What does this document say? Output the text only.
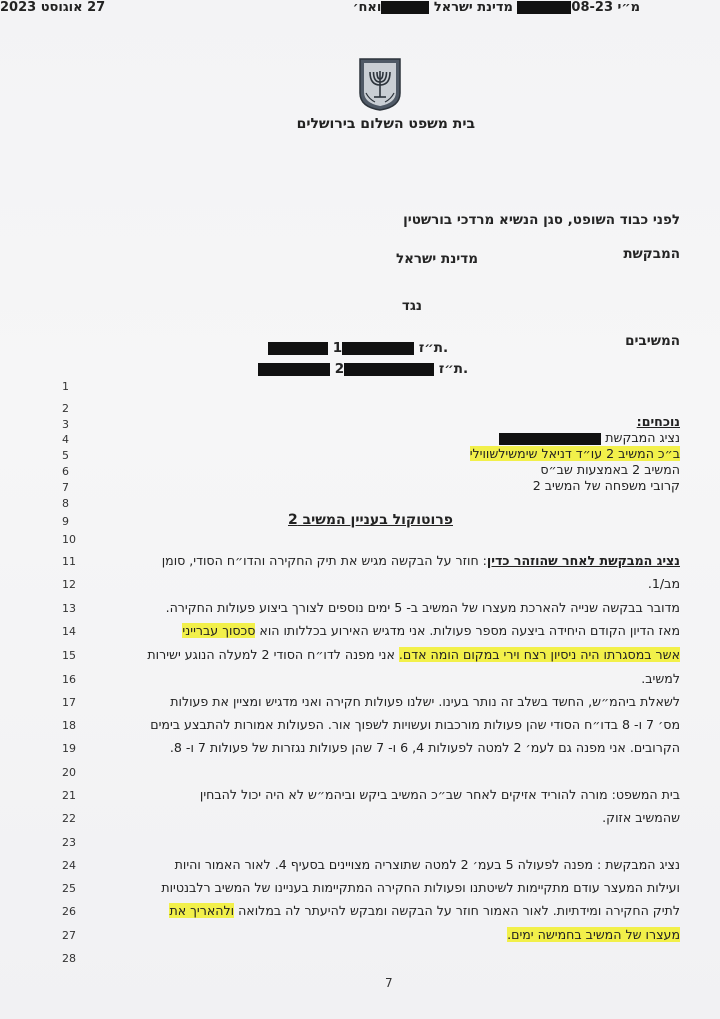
בית משפט השלום בירושלים
מ״י 08-23 מדינת ישראל ואח׳
27 אוגוסט 2023
לפני כבוד השופט, סגן הנשיא מרדכי בורשטין
המבקשת
מדינת ישראל
נגד
המשיבים
ת״ז 1.
ת״ז 2.
1
2
3
4
5
6
7
8
9
10
11
12
13
14
15
16
17
18
19
20
21
22
23
24
25
26
27
28
נוכחים:
נציג המבקשת
ב״כ המשיב 2 עו״ד דניאל שימשילשווילי
המשיב 2 באמצעות שב״ס
קרובי משפחה של המשיב 2
פרוטוקול בעניין המשיב 2
נציג המבקשת לאחר שהוזהר כדין: חוזר על הבקשה מגיש את תיק החקירה והדו״ח הסודי, סומן
מב/1.
מדובר בבקשה שנייה להארכת מעצרו של המשיב ב- 5 ימים נוספים לצורך ביצוע פעולות החקירה.
מאז הדיון הקודם היחידה ביצעה מספר פעולות. אני מדגיש האירוע בכללותו הוא סכסוך עברייני
אשר במסגרתו היה ניסיון רצח וירי במקום הומה אדם. אני מפנה לדו״ח הסודי 2 למעלה הנוגע ישירות
למשיב.
לשאלת ביהמ״ש, החשד בשלב זה נותר בעינו. ישלנו פעולות חקירה ואני מדגיש ומציין את פעולות
מס׳ 7 ו- 8 בדו״ח הסודי שהן פעולות מורכבות ועשויות לשפוך אור. הפעולות אמורות להתבצע בימים
הקרובים. אני מפנה גם לעמ׳ 2 למטה לפעולות 4, 6 ו- 7 שהן פעולות נגזרות של פעולות 7 ו- 8.
בית המשפט: מורה להוריד אזיקים לאחר שב״כ המשיב ביקש וביהמ״ש לא היה יכול להבחין
שהמשיב אזוק.
נציג המבקשת : מפנה לפעולה 5 בעמ׳ 2 למטה שתוצריה מצויינים בסעיף 4. לאור האמור והיות
ועילות המעצר עודם מתקיימות לשיטתנו ופעולות החקירה המתקיימות בעניינו של המשיב רלבנטיות
לתיק החקירה ומידתיות. לאור האמור חוזר על הבקשה ומבקש להיעתר לה במלואה ולהאריך את
מעצרו של המשיב בחמישה ימים.
7
